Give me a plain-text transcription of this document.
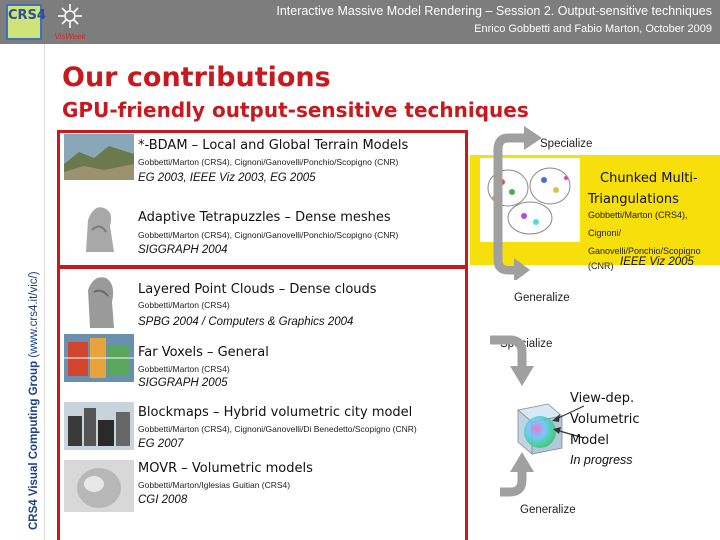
CRS4
VisWeek
Interactive Massive Model Rendering – Session 2. Output-sensitive techniques
Enrico Gobbetti and Fabio Marton, October 2009
CRS4 Visual Computing Group (www.crs4.it/vic/)
Our contributions
GPU-friendly output-sensitive techniques
*-BDAM – Local and Global Terrain Models
Gobbetti/Marton (CRS4), Cignoni/Ganovelli/Ponchio/Scopigno (CNR)
EG 2003, IEEE Viz 2003, EG 2005
Adaptive Tetrapuzzles – Dense meshes
Gobbetti/Marton (CRS4), Cignoni/Ganovelli/Ponchio/Scopigno (CNR)
SIGGRAPH 2004
Layered Point Clouds – Dense clouds
Gobbetti/Marton (CRS4)
SPBG 2004 / Computers & Graphics 2004
Far Voxels – General
Gobbetti/Marton (CRS4)
SIGGRAPH 2005
Blockmaps – Hybrid volumetric city model
Gobbetti/Marton (CRS4), Cignoni/Ganovelli/Di Benedetto/Scopigno (CNR)
EG 2007
MOVR – Volumetric models
Gobbetti/Marton/Iglesias Guitian (CRS4)
CGI 2008
Specialize
Chunked Multi-
Triangulations
Gobbetti/Marton (CRS4),
Cignoni/
Ganovelli/Ponchio/Scopigno
(CNR) IEEE Viz 2005
Generalize
Specialize
View-dep.
Volumetric
Model
In progress
Generalize
